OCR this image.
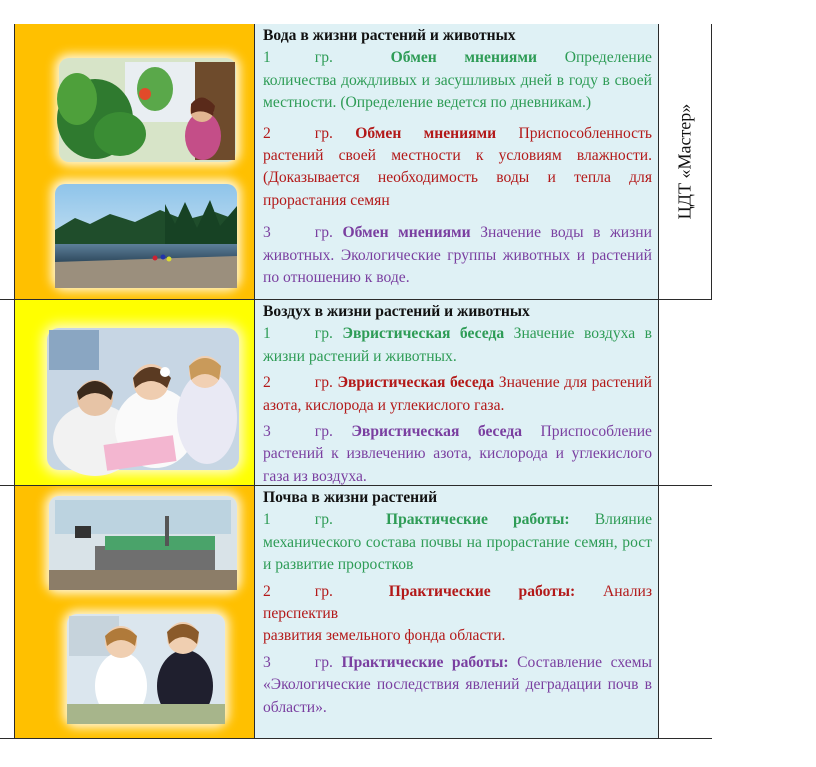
Вода в жизни растений и животных

1	гр.	Обмен мнениями Определение количества дождливых и засушливых дней в году в своей местности. (Определение ведется по дневникам.)

2	гр. Обмен мнениями Приспособленность растений своей местности к условиям влажности. (Доказывается необходимость воды и тепла для прорастания семян

3	гр. Обмен мнениями Значение воды в жизни животных. Экологические группы животных и растений по отношению к воде.

ЦДТ «Мастер»

Воздух в жизни растений и животных

1	гр. Эвристическая беседа Значение воздуха в жизни растений и животных.

2	гр. Эвристическая беседа Значение для растений азота, кислорода и углекислого газа.

3	гр. Эвристическая беседа Приспособление растений к извлечению азота, кислорода и углекислого газа из воздуха.

Почва в жизни растений

1	гр.	Практические работы: Влияние механического состава почвы на прорастание семян, рост и развитие проростков

2	гр.	Практические работы: Анализ перспектив

развития земельного фонда области.

3	гр. Практические работы: Составление схемы «Экологические последствия явлений деградации почв в области».
